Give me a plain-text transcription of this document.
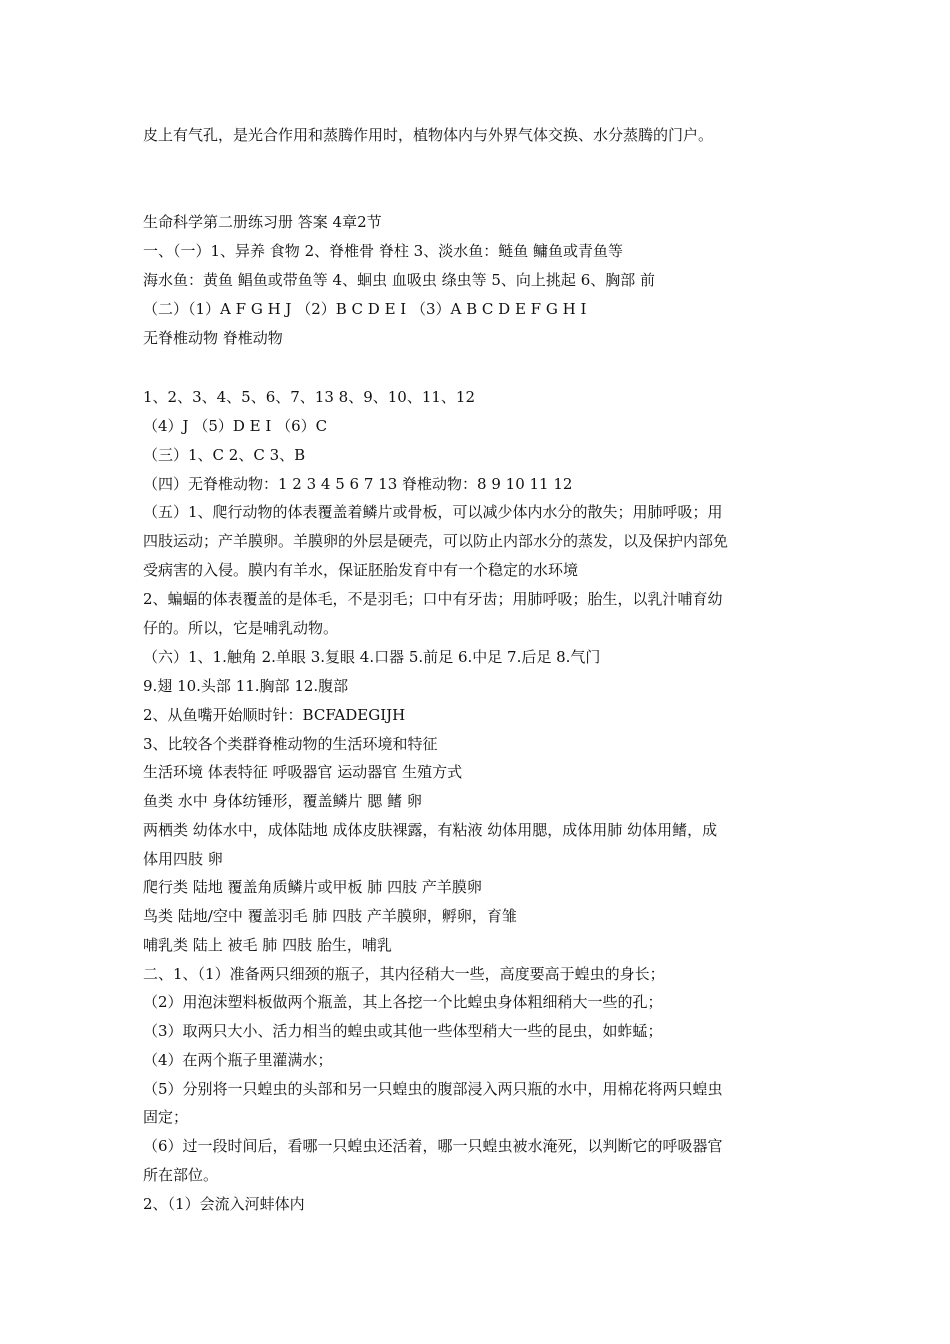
皮上有气孔，是光合作用和蒸腾作用时，植物体内与外界气体交换、水分蒸腾的门户。
生命科学第二册练习册 答案 4章2节
一、（一）1、异养 食物 2、脊椎骨 脊柱 3、淡水鱼：鲢鱼 鳙鱼或青鱼等
海水鱼：黄鱼 鲳鱼或带鱼等 4、蛔虫 血吸虫 绦虫等 5、向上挑起 6、胸部 前
（二）（1）A F G H J （2）B C D E I （3）A B C D E F G H I
无脊椎动物 脊椎动物
1、2、3、4、5、6、7、13 8、9、10、11、12
（4）J （5）D E I （6）C
（三）1、C 2、C 3、B
（四）无脊椎动物：1 2 3 4 5 6 7 13 脊椎动物：8 9 10 11 12
（五）1、爬行动物的体表覆盖着鳞片或骨板，可以减少体内水分的散失；用肺呼吸；用
四肢运动；产羊膜卵。羊膜卵的外层是硬壳，可以防止内部水分的蒸发，以及保护内部免
受病害的入侵。膜内有羊水，保证胚胎发育中有一个稳定的水环境
2、蝙蝠的体表覆盖的是体毛，不是羽毛；口中有牙齿；用肺呼吸；胎生，以乳汁哺育幼
仔的。所以，它是哺乳动物。
（六）1、1.触角 2.单眼 3.复眼 4.口器 5.前足 6.中足 7.后足 8.气门
9.翅 10.头部 11.胸部 12.腹部
2、从鱼嘴开始顺时针：BCFADEGIJH
3、比较各个类群脊椎动物的生活环境和特征
生活环境 体表特征 呼吸器官 运动器官 生殖方式
鱼类 水中 身体纺锤形，覆盖鳞片 腮 鳍 卵
两栖类 幼体水中，成体陆地 成体皮肤裸露，有粘液 幼体用腮，成体用肺 幼体用鳍，成
体用四肢 卵
爬行类 陆地 覆盖角质鳞片或甲板 肺 四肢 产羊膜卵
鸟类 陆地/空中 覆盖羽毛 肺 四肢 产羊膜卵，孵卵，育雏
哺乳类 陆上 被毛 肺 四肢 胎生，哺乳
二、1、（1）准备两只细颈的瓶子，其内径稍大一些，高度要高于蝗虫的身长；
（2）用泡沫塑料板做两个瓶盖，其上各挖一个比蝗虫身体粗细稍大一些的孔；
（3）取两只大小、活力相当的蝗虫或其他一些体型稍大一些的昆虫，如蚱蜢；
（4）在两个瓶子里灌满水；
（5）分别将一只蝗虫的头部和另一只蝗虫的腹部浸入两只瓶的水中，用棉花将两只蝗虫
固定；
（6）过一段时间后，看哪一只蝗虫还活着，哪一只蝗虫被水淹死，以判断它的呼吸器官
所在部位。
2、（1）会流入河蚌体内
